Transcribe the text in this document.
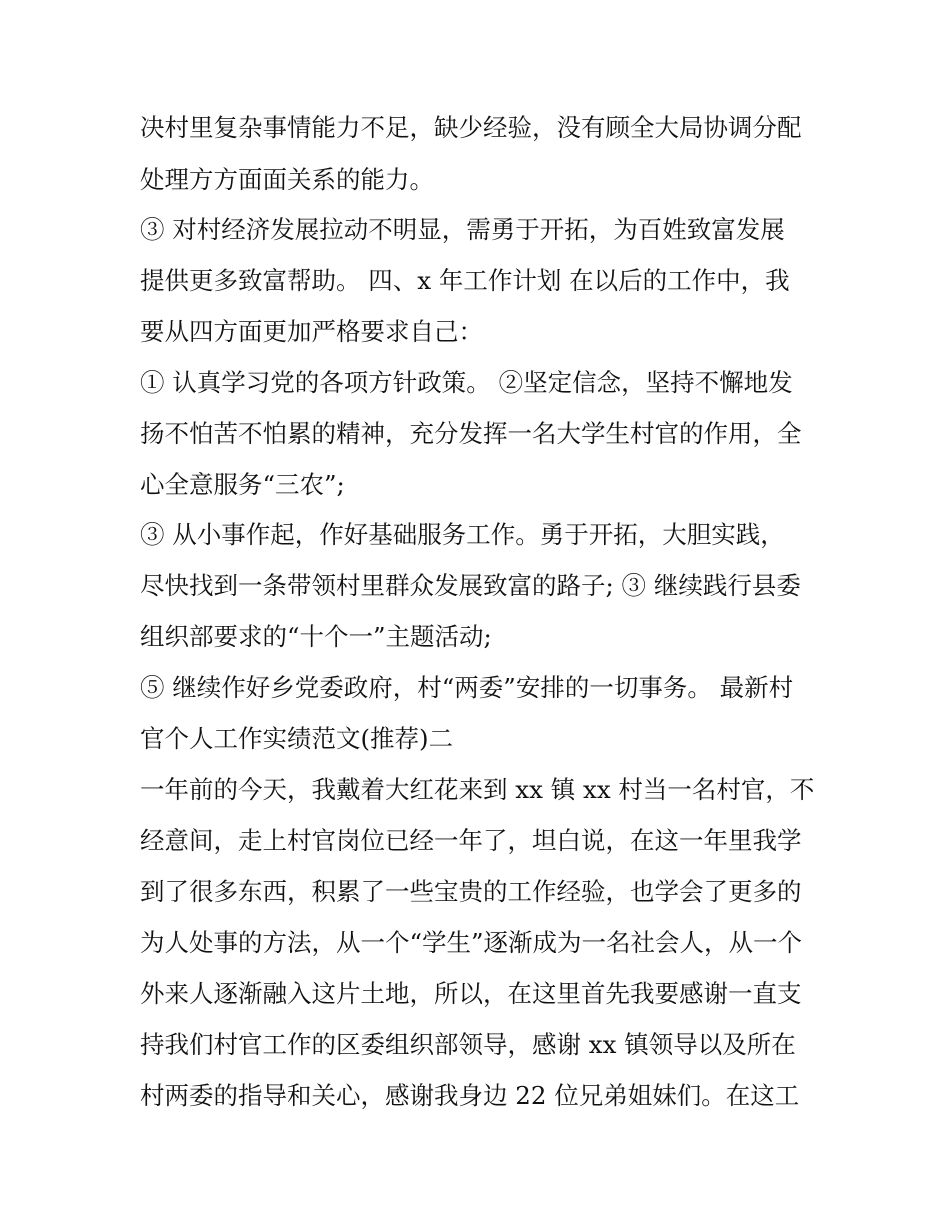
决村里复杂事情能力不足，缺少经验，没有顾全大局协调分配
处理方方面面关系的能力。
③ 对村经济发展拉动不明显，需勇于开拓，为百姓致富发展
提供更多致富帮助。 四、x 年工作计划 在以后的工作中，我
要从四方面更加严格要求自己：
① 认真学习党的各项方针政策。 ②坚定信念，坚持不懈地发
扬不怕苦不怕累的精神，充分发挥一名大学生村官的作用，全
心全意服务“三农”;
③ 从小事作起，作好基础服务工作。勇于开拓，大胆实践，
尽快找到一条带领村里群众发展致富的路子; ③ 继续践行县委
组织部要求的“十个一”主题活动;
⑤ 继续作好乡党委政府，村“两委”安排的一切事务。 最新村
官个人工作实绩范文(推荐)二
一年前的今天，我戴着大红花来到 xx 镇 xx 村当一名村官，不
经意间，走上村官岗位已经一年了，坦白说，在这一年里我学
到了很多东西，积累了一些宝贵的工作经验，也学会了更多的
为人处事的方法，从一个“学生”逐渐成为一名社会人，从一个
外来人逐渐融入这片土地，所以，在这里首先我要感谢一直支
持我们村官工作的区委组织部领导，感谢 xx 镇领导以及所在
村两委的指导和关心，感谢我身边 22 位兄弟姐妹们。在这工
